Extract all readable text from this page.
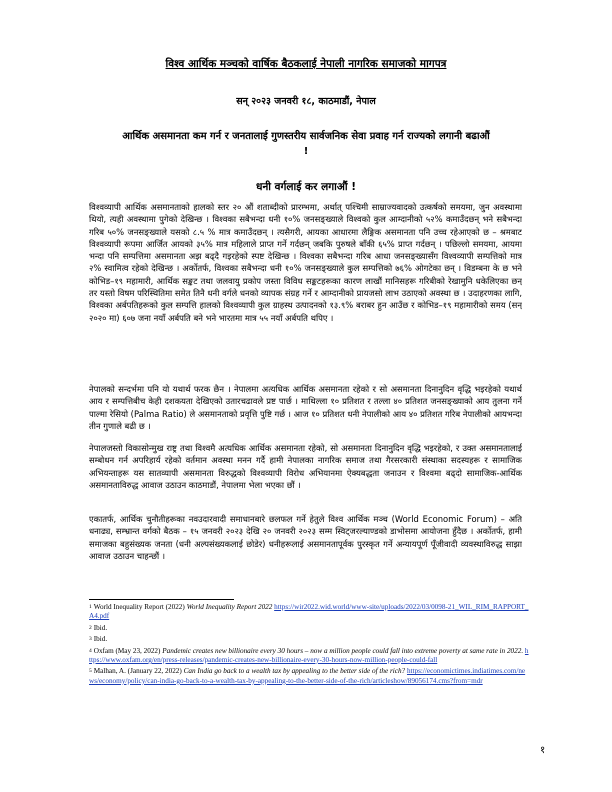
विश्व आर्थिक मञ्चको वार्षिक बैठकलाई नेपाली नागरिक समाजको मागपत्र
सन् २०२३ जनवरी १८, काठमाडौं, नेपाल
आर्थिक असमानता कम गर्न र जनतालाई गुणस्तरीय सार्वजनिक सेवा प्रवाह गर्न राज्यको लगानी बढाऔं !
धनी वर्गलाई कर लगाऔं !

विश्वव्यापी आर्थिक असमानताको हालको स्तर २० औं शताब्दीको प्रारम्भमा, अर्थात् पश्चिमी साम्राज्यवादको उत्कर्षको समयमा, जुन अवस्थामा थियो, त्यही अवस्थामा पुगेको देखिन्छ । विश्वका सबैभन्दा धनी १०% जनसङ्ख्याले विश्वको कुल आम्दानीको ५२% कमाउँदछन् भने सबैभन्दा गरिब ५०% जनसङ्ख्याले यसको ८.५ % मात्र कमाउँदछन् । त्यसैगरी, आयका आधारमा लैङ्गिक असमानता पनि उच्च रहेआएको छ – श्रमबाट विश्वव्यापी रूपमा आर्जित आयको ३५% मात्र महिलाले प्राप्त गर्ने गर्दछन् जबकि पुरुषले बाँकी ६५% प्राप्त गर्दछन् । पछिल्लो समयमा, आयमा भन्दा पनि सम्पत्तिमा असमानता अझ बढ्दै गइरहेको स्पष्ट देखिन्छ । विश्वका सबैभन्दा गरिब आधा जनसङ्ख्यासँग विश्वव्यापी सम्पत्तिको मात्र २% स्वामित्व रहेको देखिन्छ । अर्कोतर्फ, विश्वका सबैभन्दा धनी १०% जनसङ्ख्याले कुल सम्पत्तिको ७६% ओगटेका छन् । विडम्बना के छ भने कोभिड–१९ महामारी, आर्थिक सङ्कट तथा जलवायु प्रकोप जस्ता विविध सङ्कटहरूका कारण लाखौं मानिसहरू गरिबीको रेखामुनि धकेलिएका छन् तर यस्तो विषम परिस्थितिमा समेत तिनै धनी वर्गले धनको व्यापक संग्रह गर्ने र आम्दानीको प्रायजसो लाभ उठाएको अवस्था छ । उदाहरणका लागि, विश्वका अर्बपतिहरूको कुल सम्पत्ति हालको विश्वव्यापी कुल ग्राहस्थ उत्पादनको १३.९% बराबर हुन आउँछ र कोभिड–१९ महामारीको समय (सन् २०२० मा) ६०७ जना नयाँ अर्बपति बने भने भारतमा मात्र ५५ नयाँ अर्बपति थपिए ।

नेपालको सन्दर्भमा पनि यो यथार्थ फरक छैन । नेपालमा अत्यधिक आर्थिक असमानता रहेको र सो असमानता दिनानुदिन वृद्धि भइरहेको यथार्थ आय र सम्पत्तिबीच केही दशकयता देखिएको उतारचढावले प्रष्ट पार्छ । माथिल्ला १० प्रतिशत र तल्ला ४० प्रतिशत जनसङ्ख्याको आय तुलना गर्ने पाल्मा रेसियो (Palma Ratio) ले असमानताको प्रवृत्ति पुष्टि गर्छ । आज १० प्रतिशत धनी नेपालीको आय ४० प्रतिशत गरिब नेपालीको आयभन्दा तीन गुणाले बढी छ ।

नेपालजस्तो विकासोन्मुख राष्ट्र तथा विश्वमै अत्यधिक आर्थिक असमानता रहेको, सो असमानता दिनानुदिन वृद्धि भइरहेको, र उक्त असमानतालाई सम्बोधन गर्न अपरिहार्य रहेको वर्तमान अवस्था मनन गर्दै हामी नेपालका नागरिक समाज तथा गैरसरकारी संस्थाका सदस्यहरू र सामाजिक अभियन्ताहरू यस सातव्यापी असमानता विरुद्धको विश्वव्यापी विरोध अभियानमा ऐक्यबद्धता जनाउन र विश्वमा बढ्दो सामाजिक-आर्थिक असमानताविरुद्ध आवाज उठाउन काठमाडौं, नेपालमा भेला भएका छौं ।

एकातर्फ, आर्थिक चुनौतीहरूका नवउदारवादी समाधानबारे छलफल गर्ने हेतुले विश्व आर्थिक मञ्च (World Economic Forum) – अति धनाढ्य, सम्भ्रान्त वर्गको बैठक – १५ जनवरी २०२३ देखि २० जनवरी २०२३ सम्म स्विट्जरल्याण्डको डाभोसमा आयोजना हुँदैछ । अर्कोतर्फ, हामी समाजका बहुसंख्यक जनता (धनी अल्पसंख्यकलाई छोडेर) धनीहरूलाई असमानतापूर्वक पुरस्कृत गर्ने अन्यायपूर्ण पूँजीवादी व्यवस्थाविरुद्ध साझा आवाज उठाउन चाहन्छौं ।

$^1$ World Inequality Report (2022) World Inequality Report 2022 https://wir2022.wid.world/www-site/uploads/2022/03/0098-21_WIL_RIM_RAPPORT_A4.pdf
$^2$ Ibid.
$^3$ Ibid.
$^4$ Oxfam (May 23, 2022) Pandemic creates new billionaire every 30 hours – now a million people could fall into extreme poverty at same rate in 2022. https://www.oxfam.org/en/press-releases/pandemic-creates-new-billionaire-every-30-hours-now-million-people-could-fall
$^5$ Malhan, A. (January 22, 2022) Can India go back to a wealth tax by appealing to the better side of the rich? https://economictimes.indiatimes.com/news/economy/policy/can-india-go-back-to-a-wealth-tax-by-appealing-to-the-better-side-of-the-rich/articleshow/89056174.cms?from=mdr
१
